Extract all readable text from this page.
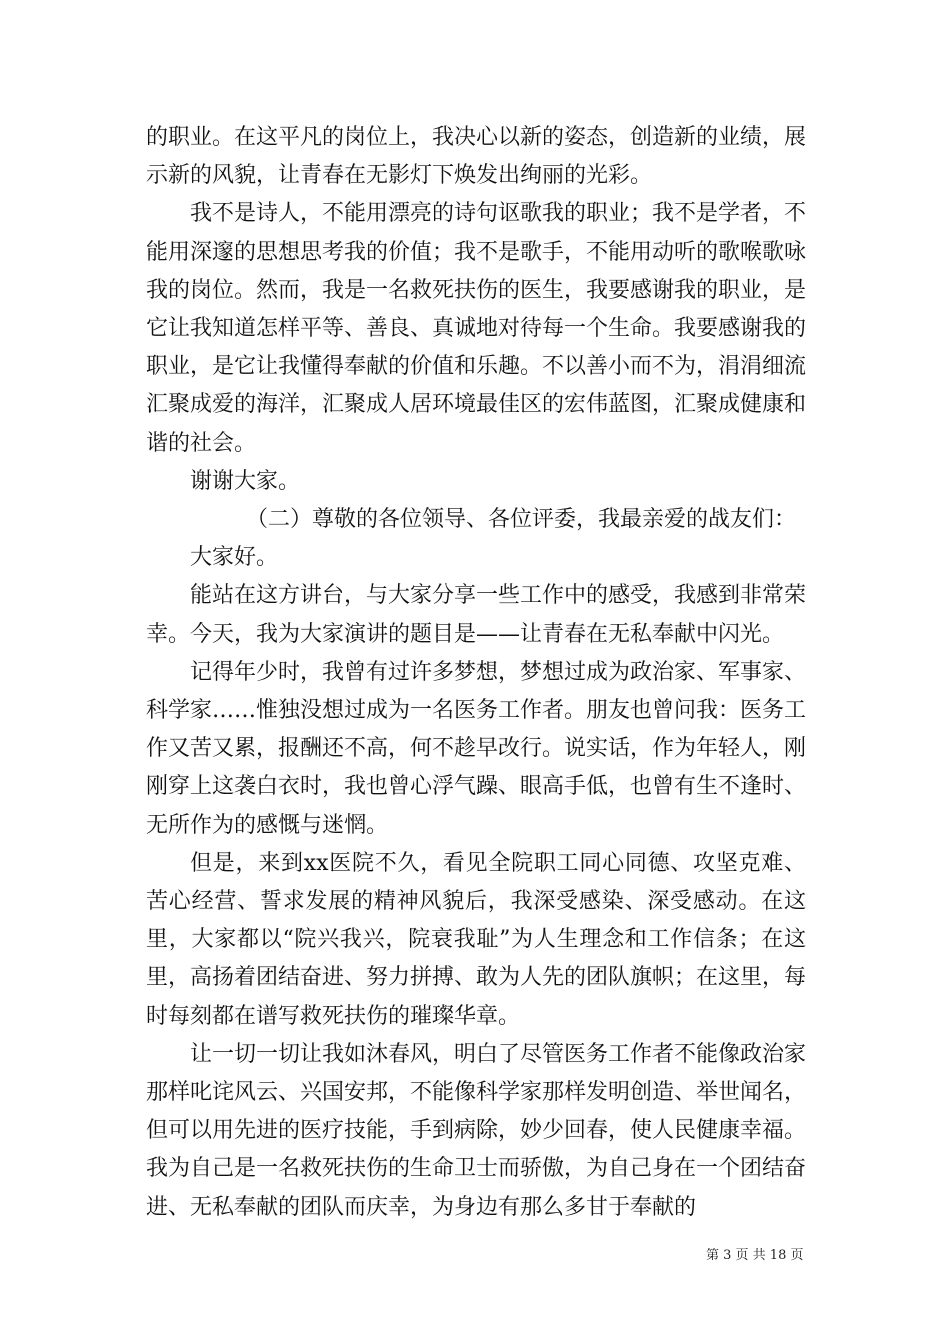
的职业。在这平凡的岗位上，我决心以新的姿态，创造新的业绩，展示新的风貌，让青春在无影灯下焕发出绚丽的光彩。

我不是诗人，不能用漂亮的诗句讴歌我的职业；我不是学者，不能用深邃的思想思考我的价值；我不是歌手，不能用动听的歌喉歌咏我的岗位。然而，我是一名救死扶伤的医生，我要感谢我的职业，是它让我知道怎样平等、善良、真诚地对待每一个生命。我要感谢我的职业，是它让我懂得奉献的价值和乐趣。不以善小而不为，涓涓细流汇聚成爱的海洋，汇聚成人居环境最佳区的宏伟蓝图，汇聚成健康和谐的社会。

谢谢大家。

（二）尊敬的各位领导、各位评委，我最亲爱的战友们：

大家好。

能站在这方讲台，与大家分享一些工作中的感受，我感到非常荣幸。今天，我为大家演讲的题目是——让青春在无私奉献中闪光。

记得年少时，我曾有过许多梦想，梦想过成为政治家、军事家、科学家……惟独没想过成为一名医务工作者。朋友也曾问我：医务工作又苦又累，报酬还不高，何不趁早改行。说实话，作为年轻人，刚刚穿上这袭白衣时，我也曾心浮气躁、眼高手低，也曾有生不逢时、无所作为的感慨与迷惘。

但是，来到xx医院不久，看见全院职工同心同德、攻坚克难、苦心经营、誓求发展的精神风貌后，我深受感染、深受感动。在这里，大家都以“院兴我兴，院衰我耻”为人生理念和工作信条；在这里，高扬着团结奋进、努力拼搏、敢为人先的团队旗帜；在这里，每时每刻都在谱写救死扶伤的璀璨华章。

让一切一切让我如沐春风，明白了尽管医务工作者不能像政治家那样叱诧风云、兴国安邦，不能像科学家那样发明创造、举世闻名，但可以用先进的医疗技能，手到病除，妙少回春，使人民健康幸福。我为自己是一名救死扶伤的生命卫士而骄傲，为自己身在一个团结奋进、无私奉献的团队而庆幸，为身边有那么多甘于奉献的

第 3 页 共 18 页
